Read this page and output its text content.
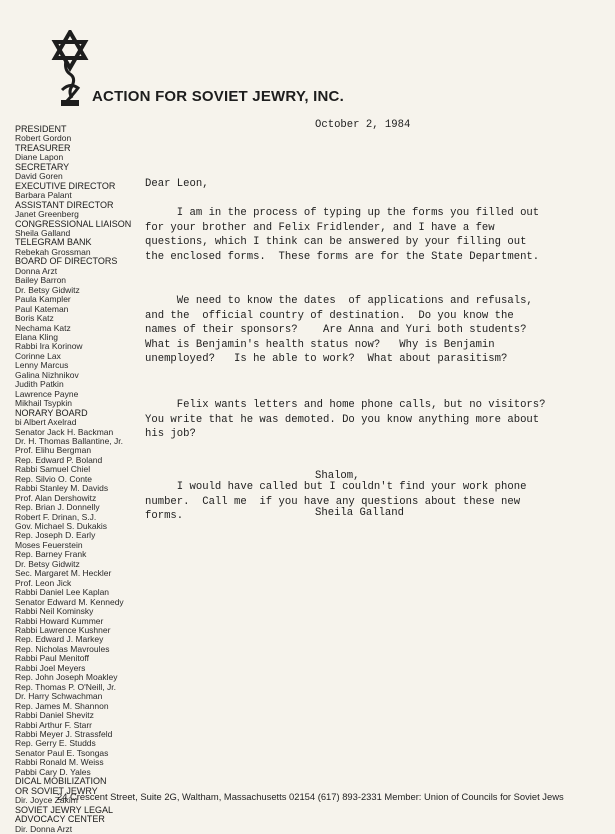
ACTION FOR SOVIET JEWRY, INC.
PRESIDENT
Robert Gordon
TREASURER
Diane Lapon
SECRETARY
David Goren
EXECUTIVE DIRECTOR
Barbara Palant
ASSISTANT DIRECTOR
Janet Greenberg
CONGRESSIONAL LIAISON
Sheila Galland
TELEGRAM BANK
Rebekah Grossman
BOARD OF DIRECTORS
Donna Arzt
Bailey Barron
Dr. Betsy Gidwitz
Paula Kampler
Paul Kateman
Boris Katz
Nechama Katz
Elana Kling
Rabbi Ira Korinow
Corinne Lax
Lenny Marcus
Galina Nizhnikov
Judith Patkin
Lawrence Payne
Mikhail Tsypkin
NORARY BOARD
bi Albert Axelrad
Senator Jack H. Backman
Dr. H. Thomas Ballantine, Jr.
Prof. Elihu Bergman
Rep. Edward P. Boland
Rabbi Samuel Chiel
Rep. Silvio O. Conte
Rabbi Stanley M. Davids
Prof. Alan Dershowitz
Rep. Brian J. Donnelly
Robert F. Drinan, S.J.
Gov. Michael S. Dukakis
Rep. Joseph D. Early
Moses Feuerstein
Rep. Barney Frank
Dr. Betsy Gidwitz
Sec. Margaret M. Heckler
Prof. Leon Jick
Rabbi Daniel Lee Kaplan
Senator Edward M. Kennedy
Rabbi Neil Kominsky
Rabbi Howard Kummer
Rabbi Lawrence Kushner
Rep. Edward J. Markey
Rep. Nicholas Mavroules
Rabbi Paul Menitoff
Rabbi Joel Meyers
Rep. John Joseph Moakley
Rep. Thomas P. O'Neill, Jr.
Dr. Harry Schwachman
Rep. James M. Shannon
Rabbi Daniel Shevitz
Rabbi Arthur F. Starr
Rabbi Meyer J. Strassfeld
Rep. Gerry E. Studds
Senator Paul E. Tsongas
Rabbi Ronald M. Weiss
Pabbi Cary D. Yales
DICAL MOBILIZATION
OR SOVIET JEWRY
Dir. Joyce Zakim
SOVIET JEWRY LEGAL
ADVOCACY CENTER
Dir. Donna Arzt
October 2, 1984
Dear Leon,

I am in the process of typing up the forms you filled out
for your brother and Felix Fridlender, and I have a few
questions, which I think can be answered by your filling out
the enclosed forms.  These forms are for the State Department.

We need to know the dates  of applications and refusals,
and the  official country of destination.  Do you know the
names of their sponsors?    Are Anna and Yuri both students?
What is Benjamin's health status now?   Why is Benjamin
unemployed?   Is he able to work?  What about parasitism?

Felix wants letters and home phone calls, but no visitors?
You write that he was demoted. Do you know anything more about
his job?

I would have called but I couldn't find your work phone
number.  Call me  if you have any questions about these new
forms.

Shalom,
Sheila Galland

24 Crescent Street, Suite 2G, Waltham, Massachusetts 02154 (617) 893-2331 Member: Union of Councils for Soviet Jews
